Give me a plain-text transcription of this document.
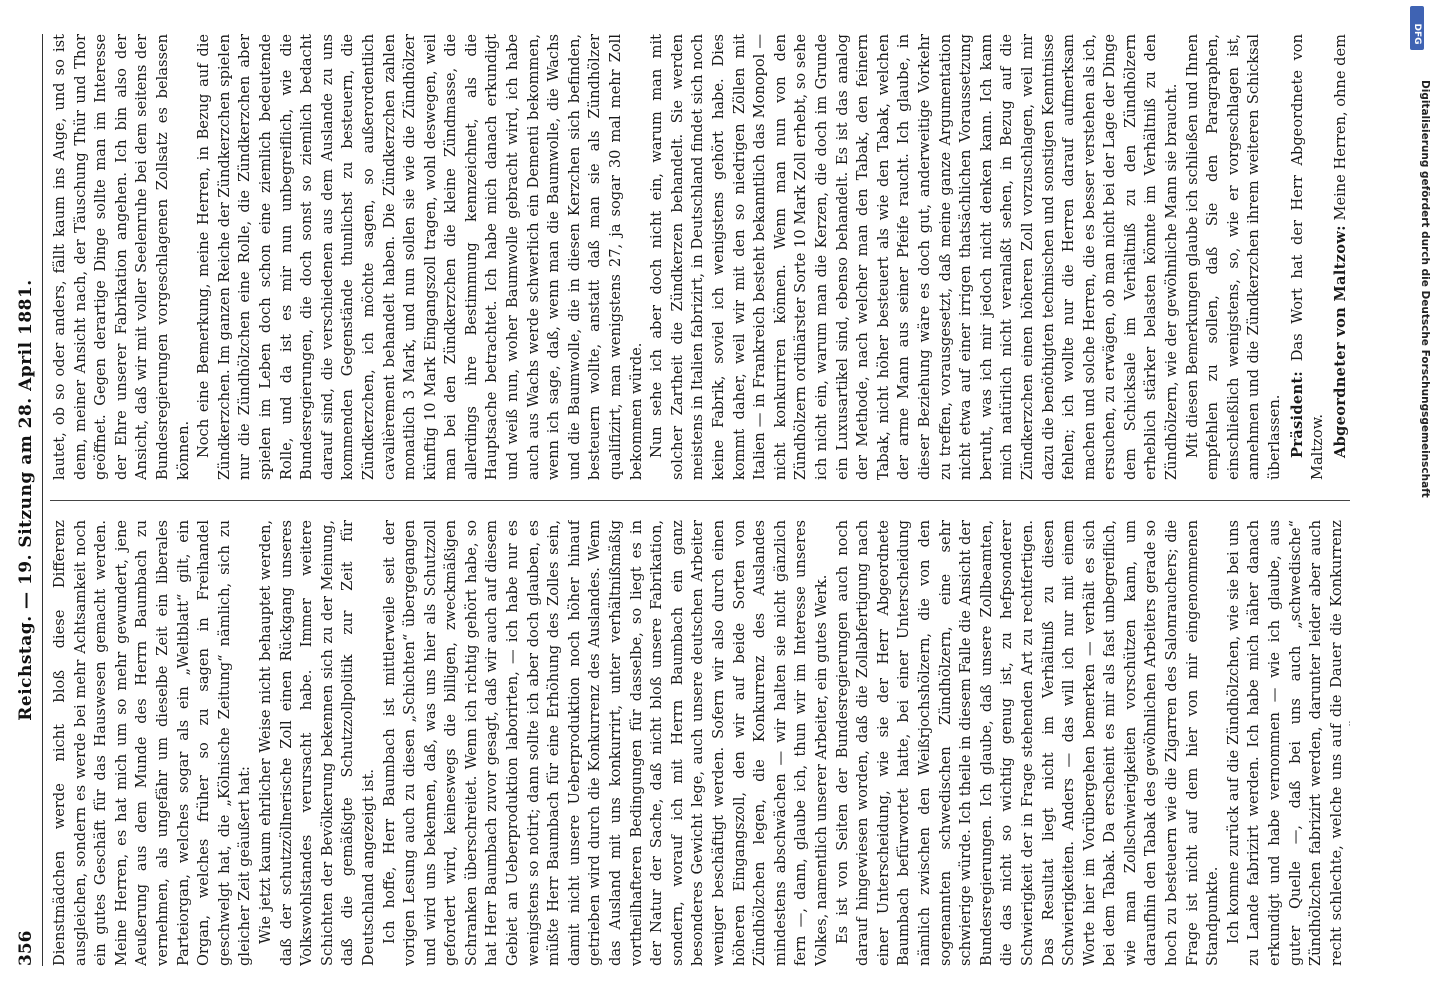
356
Reichstag. — 19. Sitzung am 28. April 1881.

Dienstmädchen werde nicht bloß diese Differenz ausgleichen, sondern es werde bei mehr Achtsamkeit noch ein gutes Geschäft für das Hauswesen gemacht werden. Meine Herren, es hat mich um so mehr gewundert, jene Aeußerung aus dem Munde des Herrn Baumbach zu vernehmen, als ungefähr um dieselbe Zeit ein liberales Parteiorgan, welches sogar als ein „Weltblatt“ gilt, ein Organ, welches früher so zu sagen in Freihandel geschwelgt hat, die „Kölnische Zeitung“ nämlich, sich zu gleicher Zeit geäußert hat: Wie jetzt kaum ehrlicher Weise nicht behauptet werden, daß der schutzzöllnerische Zoll einen Rückgang unseres Volkswohlstandes verursacht habe. Immer weitere Schichten der Bevölkerung bekennen sich zu der Meinung, daß die gemäßigte Schutzzollpolitik zur Zeit für Deutschland angezeigt ist. Ich hoffe, Herr Baumbach ist mittlerweile seit der vorigen Lesung auch zu diesen „Schichten“ übergegangen und wird uns bekennen, daß, was uns hier als Schutzzoll gefordert wird, keineswegs die billigen, zweckmäßigen Schranken überschreitet. Wenn ich richtig gehört habe, so hat Herr Baumbach zuvor gesagt, daß wir auch auf diesem Gebiet an Ueberproduktion laborirten, — ich habe nur es wenigstens so notirt; dann sollte ich aber doch glauben, es müßte Herr Baumbach für eine Erhöhung des Zolles sein, damit nicht unsere Ueberproduktion noch höher hinauf getrieben wird durch die Konkurrenz des Auslandes. Wenn das Ausland mit uns konkurrirt, unter verhältnißmäßig vortheilhafteren Bedingungen für dasselbe, so liegt es in der Natur der Sache, daß nicht bloß unsere Fabrikation, sondern, worauf ich mit Herrn Baumbach ein ganz besonderes Gewicht lege, auch unsere deutschen Arbeiter weniger beschäftigt werden. Sofern wir also durch einen höheren Eingangszoll, den wir auf beide Sorten von Zündhölzchen legen, die Konkurrenz des Auslandes mindestens abschwächen — wir halten sie nicht gänzlich fern —, dann, glaube ich, thun wir im Interesse unseres Volkes, namentlich unserer Arbeiter, ein gutes Werk. Es ist von Seiten der Bundesregierungen auch noch darauf hingewiesen worden, daß die Zollabfertigung nach einer Unterscheidung, wie sie der Herr Abgeordnete Baumbach befürwortet hatte, bei einer Unterscheidung nämlich zwischen den Weißrjochshölzern, die von den sogenannten schwedischen Zündhölzern, eine sehr schwierige würde. Ich theile in diesem Falle die Ansicht der Bundesregierungen. Ich glaube, daß unsere Zollbeamten, die das nicht so wichtig genug ist, zu hefpsonderer Schwierigkeit der in Frage stehenden Art zu rechtfertigen. Das Resultat liegt nicht im Verhältniß zu diesen Schwierigkeiten. Anders — das will ich nur mit einem Worte hier im Vorübergehen bemerken — verhält es sich bei dem Tabak. Da erscheint es mir als fast unbegreiflich, wie man Zollschwierigkeiten vorschützen kann, um daraufhin den Tabak des gewöhnlichen Arbeiters gerade so hoch zu besteuern wie die Zigarren des Salonrauchers; die Frage ist nicht auf dem hier von mir eingenommenen Standpunkte. Ich komme zurück auf die Zündhölzchen, wie sie bei uns zu Lande fabrizirt werden. Ich habe mich näher danach erkundigt und habe vernommen — wie ich glaube, aus guter Quelle —, daß bei uns auch „schwedische“ Zündhölzchen fabrizirt werden, darunter leider aber auch recht schlechte, welche uns auf die Dauer die Konkurrenz

lautet, ob so oder anders, fällt kaum ins Auge, und so ist denn, meiner Ansicht nach, der Täuschung Thür und Thor geöffnet. Gegen derartige Dinge sollte man im Interesse der Ehre unserer Fabrikation angehen. Ich bin also der Ansicht, daß wir mit voller Seelenruhe bei dem seitens der Bundesregierungen vorgeschlagenen Zollsatz es belassen können. Noch eine Bemerkung, meine Herren, in Bezug auf die Zündkerzchen. Im ganzen Reiche der Zündkerzchen spielen nur die Zündhölzchen eine Rolle, die Zündkerzchen aber spielen im Leben doch schon eine ziemlich bedeutende Rolle, und da ist es mir nun unbegreiflich, wie die Bundesregierungen, die doch sonst so ziemlich bedacht darauf sind, die verschiedenen aus dem Auslande zu uns kommenden Gegenstände thunlichst zu besteuern, die Zündkerzchen, ich möchte sagen, so außerordentlich cavalièrement behandelt haben. Die Zündkerzchen zahlen monatlich 3 Mark, und nun sollen sie wie die Zündhölzer künftig 10 Mark Eingangszoll tragen, wohl deswegen, weil man bei den Zündkerzchen die kleine Zündmasse, die allerdings ihre Bestimmung kennzeichnet, als die Hauptsache betrachtet. Ich habe mich danach erkundigt und weiß nun, woher Baumwolle gebracht wird, ich habe auch aus Wachs werde schwerlich ein Dementi bekommen, wenn ich sage, daß, wenn man die Baumwolle, die Wachs und die Baumwolle, die in diesen Kerzchen sich befinden, besteuern wollte, anstatt daß man sie als Zündhölzer qualifizirt, man wenigstens 27, ja sogar 30 mal mehr Zoll bekommen würde. Nun sehe ich aber doch nicht ein, warum man mit solcher Zartheit die Zündkerzen behandelt. Sie werden meistens in Italien fabrizirt, in Deutschland findet sich noch keine Fabrik, soviel ich wenigstens gehört habe. Dies kommt daher, weil wir mit den so niedrigen Zöllen mit Italien — in Frankreich besteht bekanntlich das Monopol — nicht konkurriren können. Wenn man nun von den Zündhölzern ordinärster Sorte 10 Mark Zoll erhebt, so sehe ich nicht ein, warum man die Kerzen, die doch im Grunde ein Luxusartikel sind, ebenso behandelt. Es ist das analog der Methode, nach welcher man den Tabak, den feinern Tabak, nicht höher besteuert als wie den Tabak, welchen der arme Mann aus seiner Pfeife raucht. Ich glaube, in dieser Beziehung wäre es doch gut, anderweitige Vorkehr zu treffen, vorausgesetzt, daß meine ganze Argumentation nicht etwa auf einer irrigen thatsächlichen Voraussetzung beruht, was ich mir jedoch nicht denken kann. Ich kann mich natürlich nicht veranlaßt sehen, in Bezug auf die Zündkerzchen einen höheren Zoll vorzuschlagen, weil mir dazu die benöthigten technischen und sonstigen Kenntnisse fehlen; ich wollte nur die Herren darauf aufmerksam machen und solche Herren, die es besser verstehen als ich, ersuchen, zu erwägen, ob man nicht bei der Lage der Dinge dem Schicksale im Verhältniß zu den Zündhölzern erheblich stärker belasten könnte im Verhältniß zu den Zündhölzern, wie der gewöhnliche Mann sie braucht. Mit diesen Bemerkungen glaube ich schließen und Ihnen empfehlen zu sollen, daß Sie den Paragraphen, einschließlich wenigstens, so, wie er vorgeschlagen ist, annehmen und die Zündkerzchen ihrem weiteren Schicksal überlassen. Präsident: Das Wort hat der Herr Abgeordnete von Maltzow. Abgeordneter von Maltzow: Meine Herren, ohne dem

Digitalisierung gefördert durch die Deutsche Forschungsgemeinschaft
DFG
